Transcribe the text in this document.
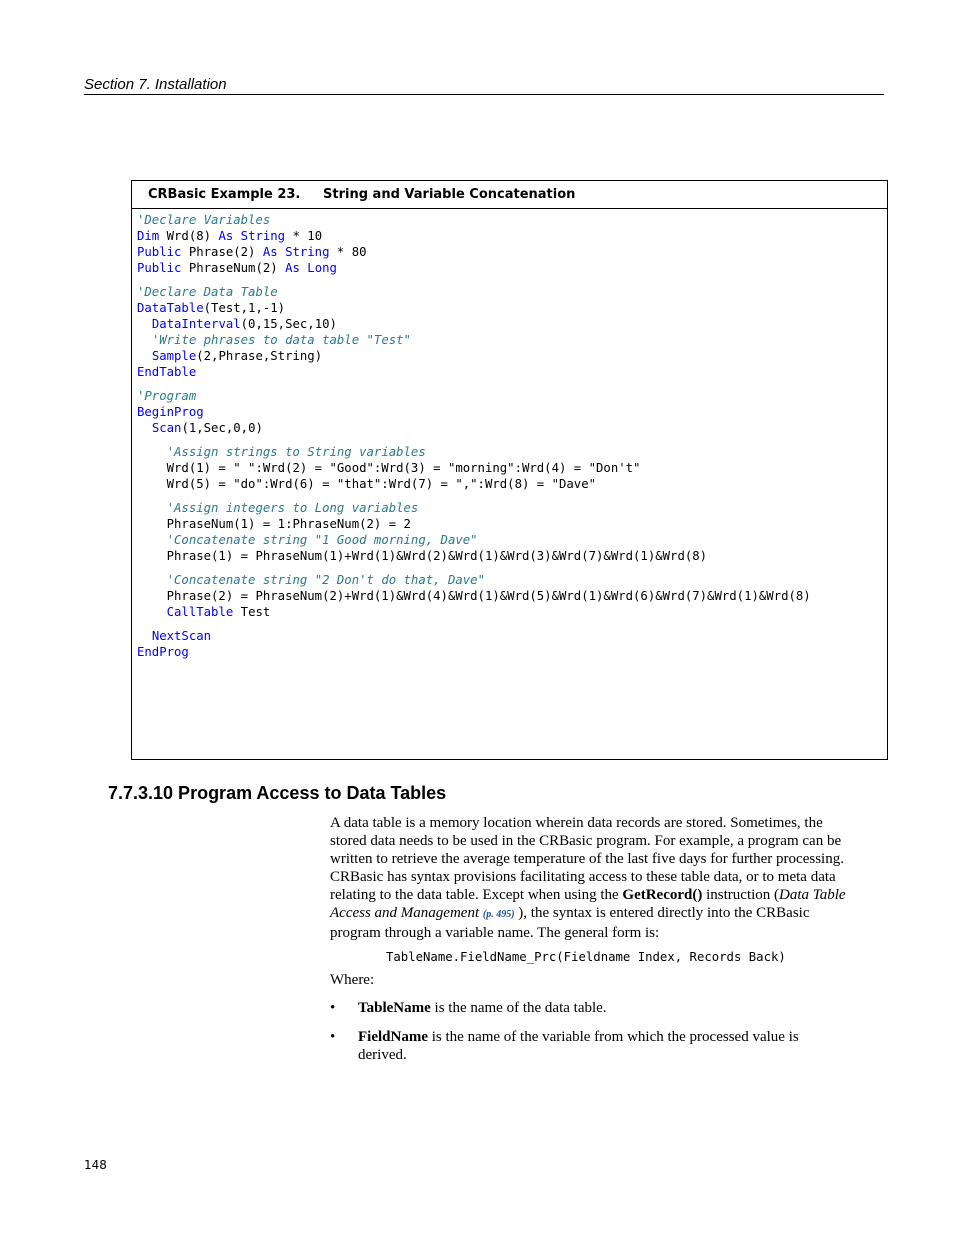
Section 7. Installation
CRBasic Example 23. String and Variable Concatenation
'Declare Variables
Dim Wrd(8) As String * 10
Public Phrase(2) As String * 80
Public PhraseNum(2) As Long
'Declare Data Table
DataTable(Test,1,-1)
DataInterval(0,15,Sec,10)
'Write phrases to data table "Test"
Sample(2,Phrase,String)
EndTable
'Program
BeginProg
Scan(1,Sec,0,0)
'Assign strings to String variables
Wrd(1) = " ":Wrd(2) = "Good":Wrd(3) = "morning":Wrd(4) = "Don't"
Wrd(5) = "do":Wrd(6) = "that":Wrd(7) = ",":Wrd(8) = "Dave"
'Assign integers to Long variables
PhraseNum(1) = 1:PhraseNum(2) = 2
'Concatenate string "1 Good morning, Dave"
Phrase(1) = PhraseNum(1)+Wrd(1)&Wrd(2)&Wrd(1)&Wrd(3)&Wrd(7)&Wrd(1)&Wrd(8)
'Concatenate string "2 Don't do that, Dave"
Phrase(2) = PhraseNum(2)+Wrd(1)&Wrd(4)&Wrd(1)&Wrd(5)&Wrd(1)&Wrd(6)&Wrd(7)&Wrd(1)&Wrd(8)
CallTable Test
NextScan
EndProg
7.7.3.10 Program Access to Data Tables

A data table is a memory location wherein data records are stored. Sometimes, the stored data needs to be used in the CRBasic program. For example, a program can be written to retrieve the average temperature of the last five days for further processing. CRBasic has syntax provisions facilitating access to these table data, or to meta data relating to the data table. Except when using the GetRecord() instruction (Data Table Access and Management (p. 495) ), the syntax is entered directly into the CRBasic program through a variable name. The general form is:

TableName.FieldName_Prc(Fieldname Index, Records Back)

Where:

• TableName is the name of the data table.
• FieldName is the name of the variable from which the processed value is derived.
148
